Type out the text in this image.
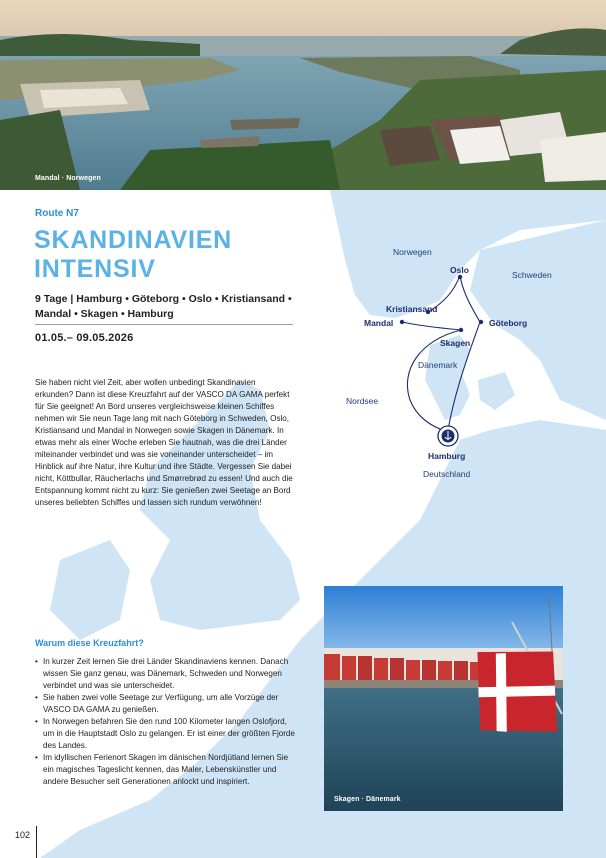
Mandal · Norwegen
Norwegen
Schweden
Dänemark
Nordsee
Deutschland
Oslo
Kristiansand
Mandal	Göteborg
Skagen
Hamburg
Route N7
SKANDINAVIEN INTENSIV
9 Tage | Hamburg • Göteborg • Oslo • Kristiansand • Mandal • Skagen • Hamburg
01.05.– 09.05.2026
Sie haben nicht viel Zeit, aber wollen unbedingt Skandinavien erkunden? Dann ist diese Kreuzfahrt auf der VASCO DA GAMA perfekt für Sie geeignet! An Bord unseres vergleichsweise kleinen Schiffes nehmen wir Sie neun Tage lang mit nach Göteborg in Schweden, Oslo, Kristiansand und Mandal in Norwegen sowie Skagen in Dänemark. In etwas mehr als einer Woche erleben Sie hautnah, was die drei Länder miteinander verbindet und was sie voneinander unterscheidet – im Hinblick auf ihre Natur, ihre Kultur und ihre Städte. Vergessen Sie dabei nicht, Köttbullar, Räucherlachs und Smørrebrød zu essen! Und auch die Entspannung kommt nicht zu kurz: Sie genießen zwei Seetage an Bord unseres beliebten Schiffes und lassen sich rundum verwöhnen!
Warum diese Kreuzfahrt?
• In kurzer Zeit lernen Sie drei Länder Skandinaviens kennen. Danach wissen Sie ganz genau, was Dänemark, Schweden und Norwegen verbindet und was sie unterscheidet.
• Sie haben zwei volle Seetage zur Verfügung, um alle Vorzüge der VASCO DA GAMA zu genießen.
• In Norwegen befahren Sie den rund 100 Kilometer langen Oslofjord, um in die Hauptstadt Oslo zu gelangen. Er ist einer der größten Fjorde des Landes.
• Im idyllischen Ferienort Skagen im dänischen Nordjütland lernen Sie ein magisches Tageslicht kennen, das Maler, Lebenskünstler und andere Besucher seit Generationen anlockt und inspiriert.
Skagen · Dänemark
102
